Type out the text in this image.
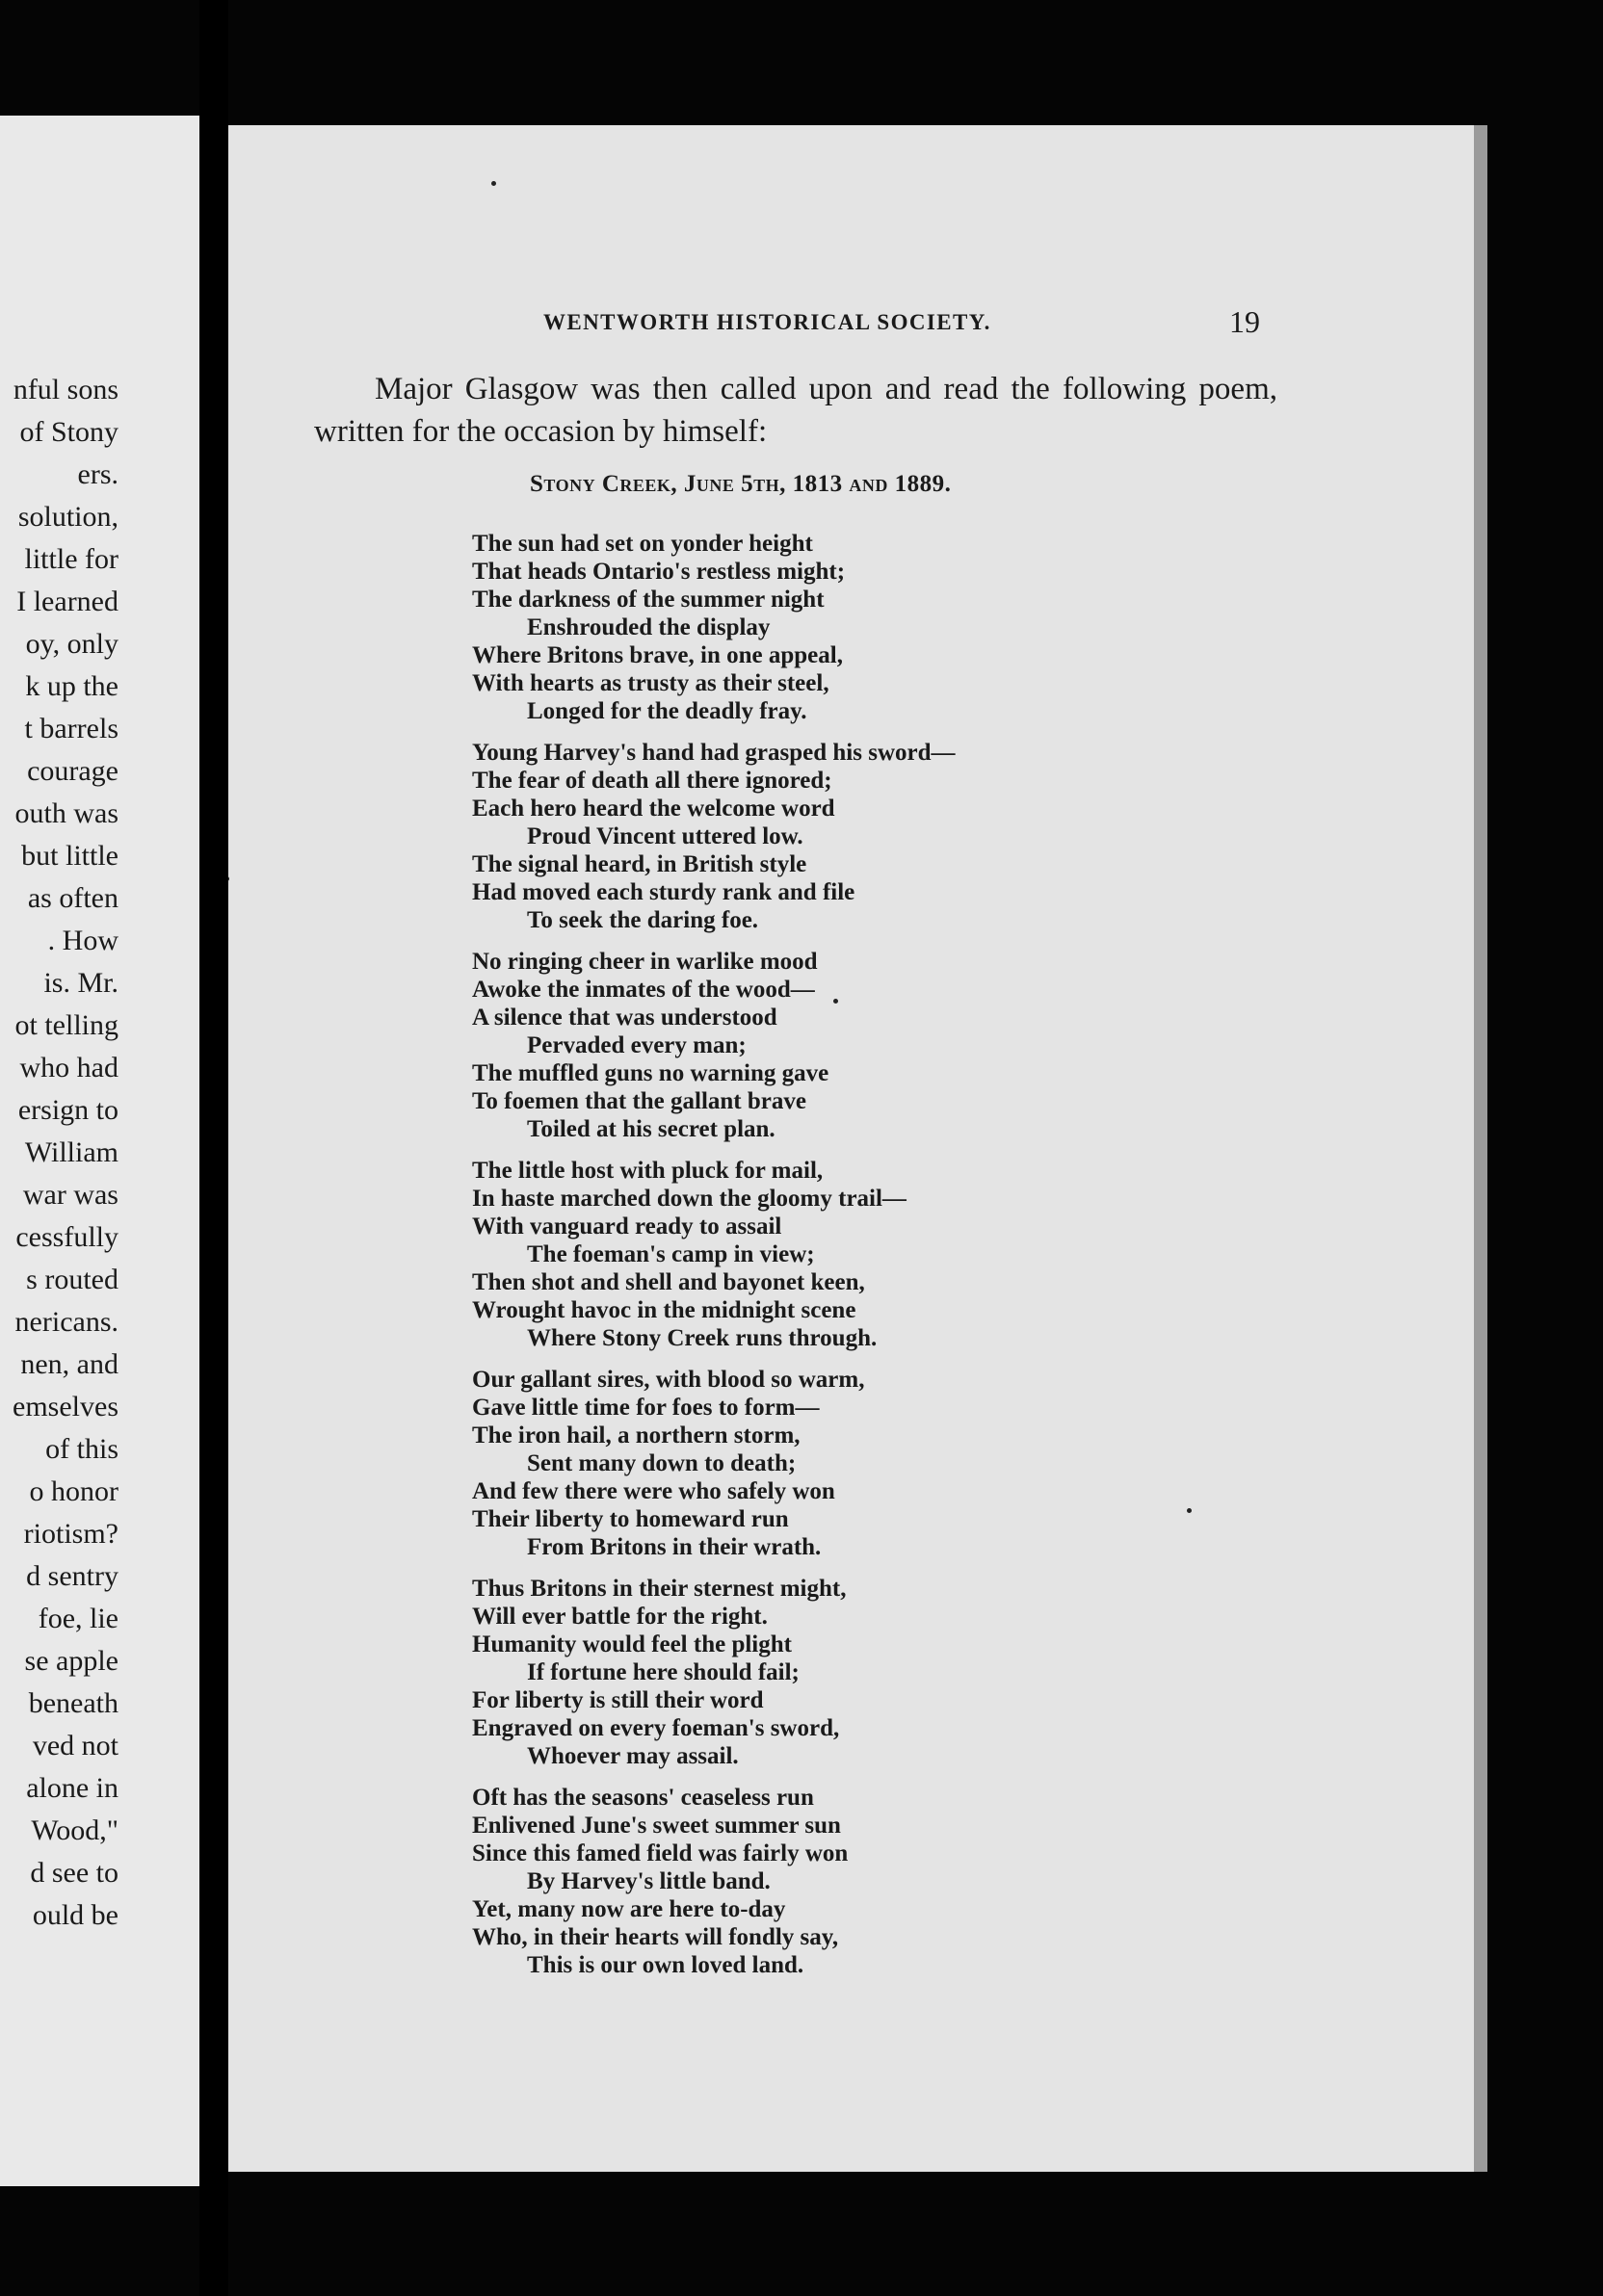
nful sons
of Stony
ers.
solution,
little for
I learned
oy, only
k up the
t barrels
courage
outh was
but little
as often
. How
is. Mr.
ot telling
who had
ersign to
William
war was
cessfully
s routed
nericans.
nen, and
emselves
of this
o honor
riotism?
d sentry
foe, lie
se apple
beneath
ved not
alone in
Wood,"
d see to
ould be
WENTWORTH HISTORICAL SOCIETY.	19
Major Glasgow was then called upon and read the following poem, written for the occasion by himself:
Stony Creek, June 5th, 1813 and 1889.
The sun had set on yonder height
That heads Ontario's restless might;
The darkness of the summer night
Enshrouded the display
Where Britons brave, in one appeal,
With hearts as trusty as their steel,
Longed for the deadly fray.
Young Harvey's hand had grasped his sword—
The fear of death all there ignored;
Each hero heard the welcome word
Proud Vincent uttered low.
The signal heard, in British style
Had moved each sturdy rank and file
To seek the daring foe.
No ringing cheer in warlike mood
Awoke the inmates of the wood—
A silence that was understood
Pervaded every man;
The muffled guns no warning gave
To foemen that the gallant brave
Toiled at his secret plan.
The little host with pluck for mail,
In haste marched down the gloomy trail—
With vanguard ready to assail
The foeman's camp in view;
Then shot and shell and bayonet keen,
Wrought havoc in the midnight scene
Where Stony Creek runs through.
Our gallant sires, with blood so warm,
Gave little time for foes to form—
The iron hail, a northern storm,
Sent many down to death;
And few there were who safely won
Their liberty to homeward run
From Britons in their wrath.
Thus Britons in their sternest might,
Will ever battle for the right.
Humanity would feel the plight
If fortune here should fail;
For liberty is still their word
Engraved on every foeman's sword,
Whoever may assail.
Oft has the seasons' ceaseless run
Enlivened June's sweet summer sun
Since this famed field was fairly won
By Harvey's little band.
Yet, many now are here to-day
Who, in their hearts will fondly say,
This is our own loved land.
